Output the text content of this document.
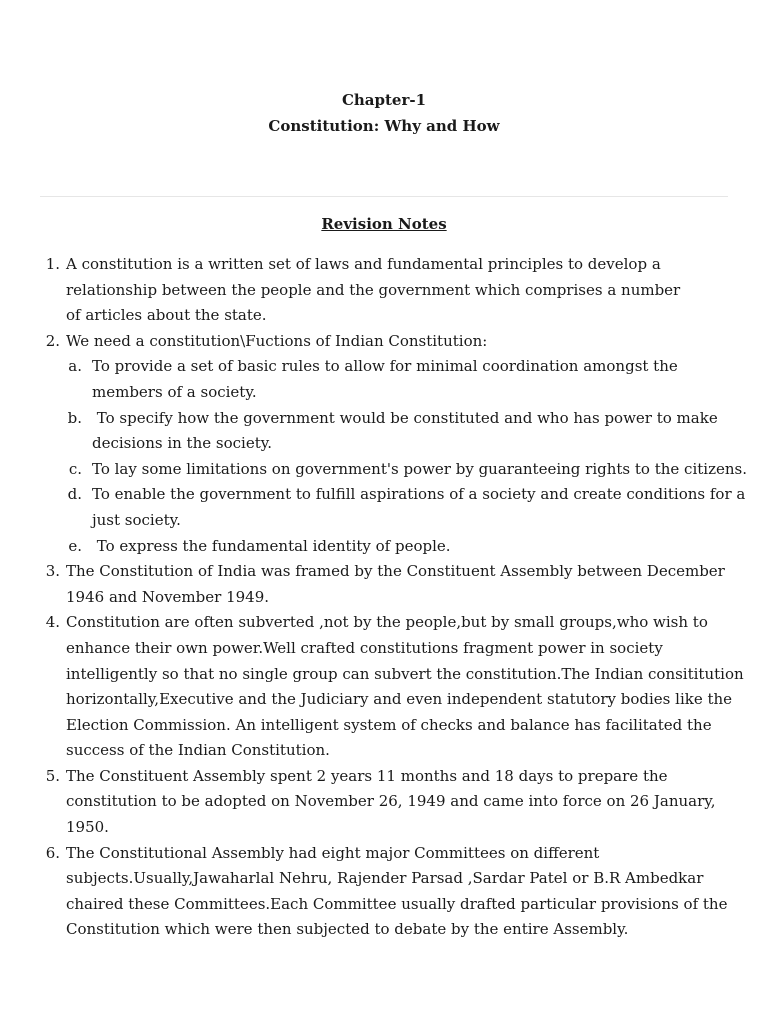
Chapter-1
Constitution: Why and How
Revision Notes
1. A constitution is a written set of laws and fundamental principles to develop a
relationship between the people and the government which comprises a number
of articles about the state.
2. We need a constitution\Fuctions of Indian Constitution:
a. To provide a set of basic rules to allow for minimal coordination amongst the
members of a society.
b. To specify how the government would be constituted and who has power to make
decisions in the society.
c. To lay some limitations on government's power by guaranteeing rights to the citizens.
d. To enable the government to fulfill aspirations of a society and create conditions for a
just society.
e. To express the fundamental identity of people.
3. The Constitution of India was framed by the Constituent Assembly between December
1946 and November 1949.
4. Constitution are often subverted ,not by the people,but by small groups,who wish to
enhance their own power.Well crafted constitutions fragment power in society
intelligently so that no single group can subvert the constitution.The Indian consititution
horizontally,Executive and the Judiciary and even independent statutory bodies like the
Election Commission. An intelligent system of checks and balance has facilitated the
success of the Indian Constitution.
5. The Constituent Assembly spent 2 years 11 months and 18 days to prepare the
constitution to be adopted on November 26, 1949 and came into force on 26 January,
1950.
6. The Constitutional Assembly had eight major Committees on different
subjects.Usually,Jawaharlal Nehru, Rajender Parsad ,Sardar Patel or B.R Ambedkar
chaired these Committees.Each Committee usually drafted particular provisions of the
Constitution which were then subjected to debate by the entire Assembly.
